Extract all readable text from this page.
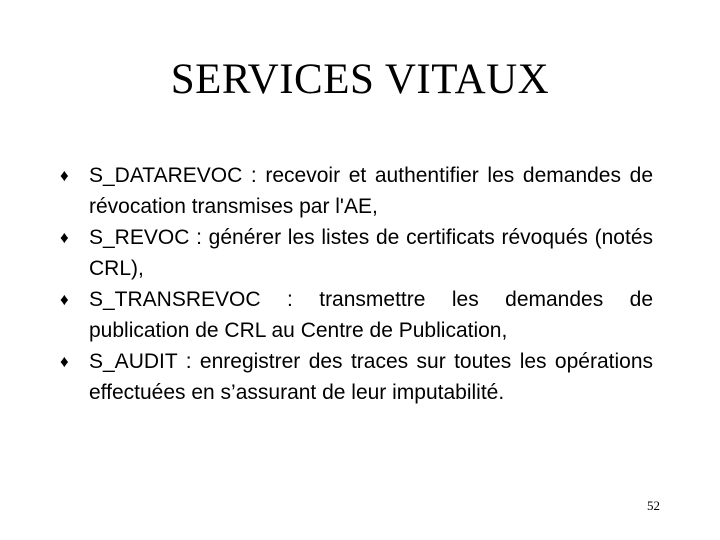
SERVICES VITAUX
♦ S_DATAREVOC : recevoir et authentifier les demandes de révocation transmises par l'AE,
♦ S_REVOC : générer les listes de certificats révoqués (notés CRL),
♦ S_TRANSREVOC : transmettre les demandes de publication de CRL au Centre de Publication,
♦ S_AUDIT : enregistrer des traces sur toutes les opérations effectuées en s’assurant de leur imputabilité.
52
